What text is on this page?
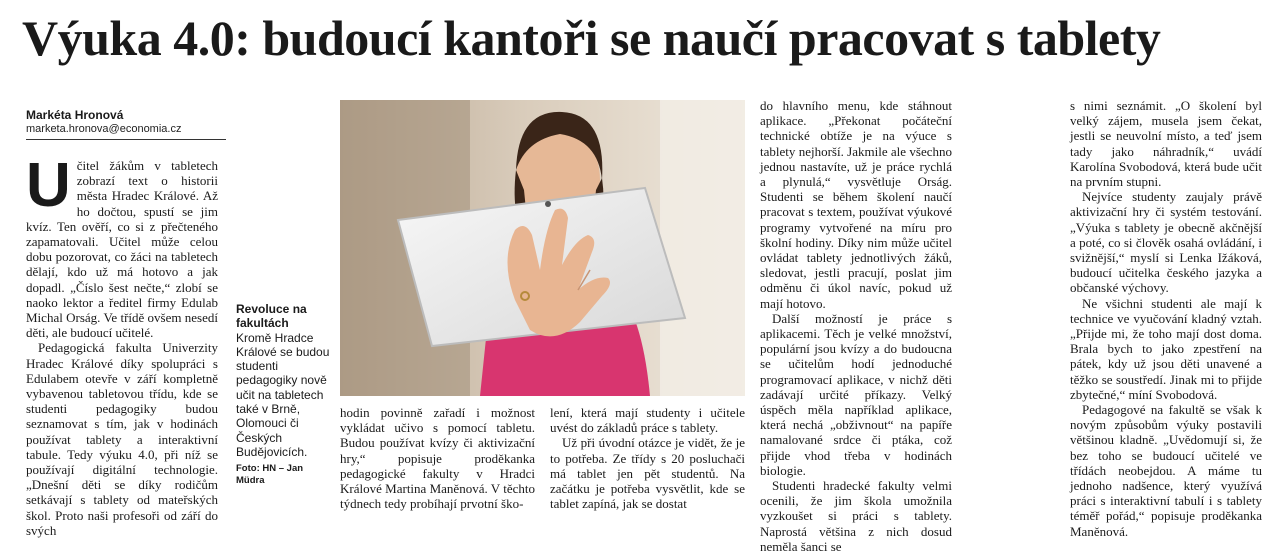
Výuka 4.0: budoucí kantoři se naučí pracovat s tablety
Markéta Hronová
marketa.hronova@economia.cz

Učitel žákům v tabletech zobrazí text o historii města Hradec Králové. Až ho dočtou, spustí se jim kvíz. Ten ověří, co si z přečteného zapamatovali. Učitel může celou dobu pozorovat, co žáci na tabletech dělají, kdo už má hotovo a jak dopadl. „Číslo šest nečte,“ zlobí se naoko lektor a ředitel firmy Edulab Michal Orság. Ve třídě ovšem nesedí děti, ale budoucí učitelé.

Pedagogická fakulta Univerzity Hradec Králové díky spolupráci s Edulabem otevře v září kompletně vybavenou tabletovou třídu, kde se studenti pedagogiky budou seznamovat s tím, jak v hodinách používat tablety a interaktivní tabule. Tedy výuku 4.0, při níž se používají digitální technologie. „Dnešní děti se díky rodičům setkávají s tablety od mateřských škol. Proto naši profesoři od září do svých

Revoluce na fakultách
Kromě Hradce Králové se budou studenti pedagogiky nově učit na tabletech také v Brně, Olomouci či Českých Budějovicích.
Foto: HN – Jan Müdra

hodin povinně zařadí i možnost vykládat učivo s pomocí tabletu. Budou používat kvízy či aktivizační hry,“ popisuje proděkanka pedagogické fakulty v Hradci Králové Martina Maněnová. V těchto týdnech tedy probíhají prvotní ško-

lení, která mají studenty i učitele uvést do základů práce s tablety.

Už při úvodní otázce je vidět, že je to potřeba. Ze třídy s 20 posluchači má tablet jen pět studentů. Na začátku je potřeba vysvětlit, kde se tablet zapíná, jak se dostat

do hlavního menu, kde stáhnout aplikace. „Překonat počáteční technické obtíže je na výuce s tablety nejhorší. Jakmile ale všechno jednou nastavíte, už je práce rychlá a plynulá,“ vysvětluje Orság. Studenti se během školení naučí pracovat s textem, používat výukové programy vytvořené na míru pro školní hodiny. Díky nim může učitel ovládat tablety jednotlivých žáků, sledovat, jestli pracují, poslat jim odměnu či úkol navíc, pokud už mají hotovo.

Další možností je práce s aplikacemi. Těch je velké množství, populární jsou kvízy a do budoucna se učitelům hodí jednoduché programovací aplikace, v nichž děti zadávají určité příkazy. Velký úspěch měla například aplikace, která nechá „obživnout“ na papíře namalované srdce či ptáka, což přijde vhod třeba v hodinách biologie.

Studenti hradecké fakulty velmi ocenili, že jim škola umožnila vyzkoušet si práci s tablety. Naprostá většina z nich dosud neměla šanci se

s nimi seznámit. „O školení byl velký zájem, musela jsem čekat, jestli se neuvolní místo, a teď jsem tady jako náhradník,“ uvádí Karolína Svobodová, která bude učit na prvním stupni.

Nejvíce studenty zaujaly právě aktivizační hry či systém testování. „Výuka s tablety je obecně akčnější a poté, co si člověk osahá ovládání, i svižnější,“ myslí si Lenka Ižáková, budoucí učitelka českého jazyka a občanské výchovy.

Ne všichni studenti ale mají k technice ve vyučování kladný vztah. „Přijde mi, že toho mají dost doma. Brala bych to jako zpestření na pátek, kdy už jsou děti unavené a těžko se soustředí. Jinak mi to přijde zbytečné,“ míní Svobodová.

Pedagogové na fakultě se však k novým způsobům výuky postavili většinou kladně. „Uvědomují si, že bez toho se budoucí učitelé ve třídách neobejdou. A máme tu jednoho nadšence, který využívá práci s interaktivní tabulí i s tablety téměř pořád,“ popisuje proděkanka Maněnová.
